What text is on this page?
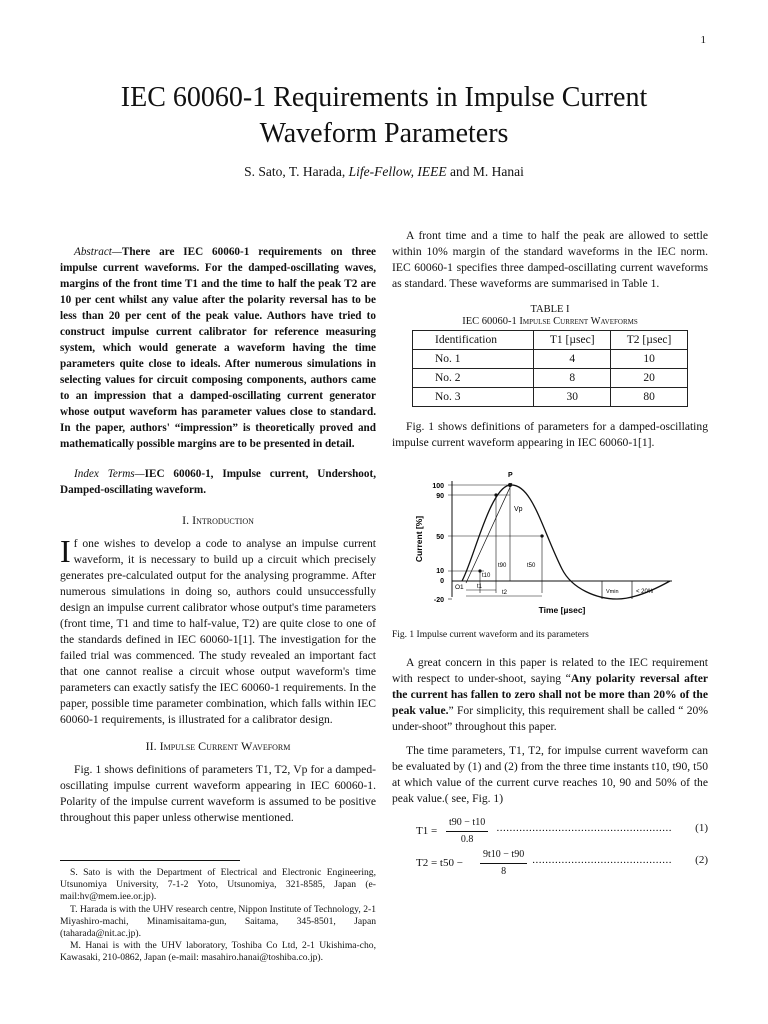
1
IEC 60060-1 Requirements in Impulse Current Waveform Parameters
S. Sato, T. Harada, Life-Fellow, IEEE and M. Hanai

Abstract—There are IEC 60060-1 requirements on three impulse current waveforms. For the damped-oscillating waves, margins of the front time T1 and the time to half the peak T2 are 10 per cent whilst any value after the polarity reversal has to be less than 20 per cent of the peak value. Authors have tried to construct impulse current calibrator for reference measuring system, which would generate a waveform having the time parameters quite close to ideals. After numerous simulations in selecting values for circuit composing components, authors came to an impression that a damped-oscillating current generator whose output waveform has parameter values close to standard. In the paper, authors' “impression” is theoretically proved and mathematically possible margins are to be presented in detail.

Index Terms—IEC 60060-1, Impulse current, Undershoot, Damped-oscillating waveform.

I. Introduction

If one wishes to develop a code to analyse an impulse current waveform, it is necessary to build up a circuit which precisely generates pre-calculated output for the analysing programme. After numerous simulations in doing so, authors could unsuccessfully design an impulse current calibrator whose output's time parameters (front time, T1 and time to half-value, T2) are quite close to one of the standards defined in IEC 60060-1[1]. The investigation for the failed trial was commenced. The study revealed an important fact that one cannot realise a circuit whose output waveform's time parameters can exactly satisfy the IEC 60060-1 requirements. In the paper, possible time parameter combination, which falls within IEC 60060-1 requirements, is illustrated for a calibrator design.

II. Impulse Current Waveform

Fig. 1 shows definitions of parameters T1, T2, Vp for a damped-oscillating impulse current waveform appearing in IEC 60060-1. Polarity of the impulse current waveform is assumed to be positive throughout this paper unless otherwise mentioned.

A front time and a time to half the peak are allowed to settle within 10% margin of the standard waveforms in the IEC norm. IEC 60060-1 specifies three damped-oscillating current waveforms as standard. These waveforms are summarised in Table 1.

TABLE I
IEC 60060-1 Impulse Current Waveforms
Identification	T1 [µsec]	T2 [µsec]
No. 1	4	10
No. 2	8	20
No. 3	30	80

Fig. 1 shows definitions of parameters for a damped-oscillating impulse current waveform appearing in IEC 60060-1[1].

100
90
50
10
0
-20
Current [%]
Time [µsec]
P
Vp
O1
t10
t90	t50
t1
t2	Vmin	< 20%

Fig. 1 Impulse current waveform and its parameters

A great concern in this paper is related to the IEC requirement with respect to under-shoot, saying “Any polarity reversal after the current has fallen to zero shall not be more than 20% of the peak value.” For simplicity, this requirement shall be called “ 20% under-shoot” throughout this paper.

The time parameters, T1, T2, for impulse current waveform can be evaluated by (1) and (2) from the three time instants t10, t90, t50 at which value of the current curve reaches 10, 90 and 50% of the peak value.( see, Fig. 1)

$T1 = \frac{t90 - t10}{0.8}$ ...................................................... (1)
$T2 = t50 - \frac{9t10 - t90}{8}$ ........................................... (2)

S. Sato is with the Department of Electrical and Electronic Engineering, Utsunomiya University, 7-1-2 Yoto, Utsunomiya, 321-8585, Japan (e-mail:hv@mem.iee.or.jp).

T. Harada is with the UHV research centre, Nippon Institute of Technology, 2-1 Miyashiro-machi, Minamisaitama-gun, Saitama, 345-8501, Japan (taharada@nit.ac.jp).

M. Hanai is with the UHV laboratory, Toshiba Co Ltd, 2-1 Ukishima-cho, Kawasaki, 210-0862, Japan (e-mail: masahiro.hanai@toshiba.co.jp).
